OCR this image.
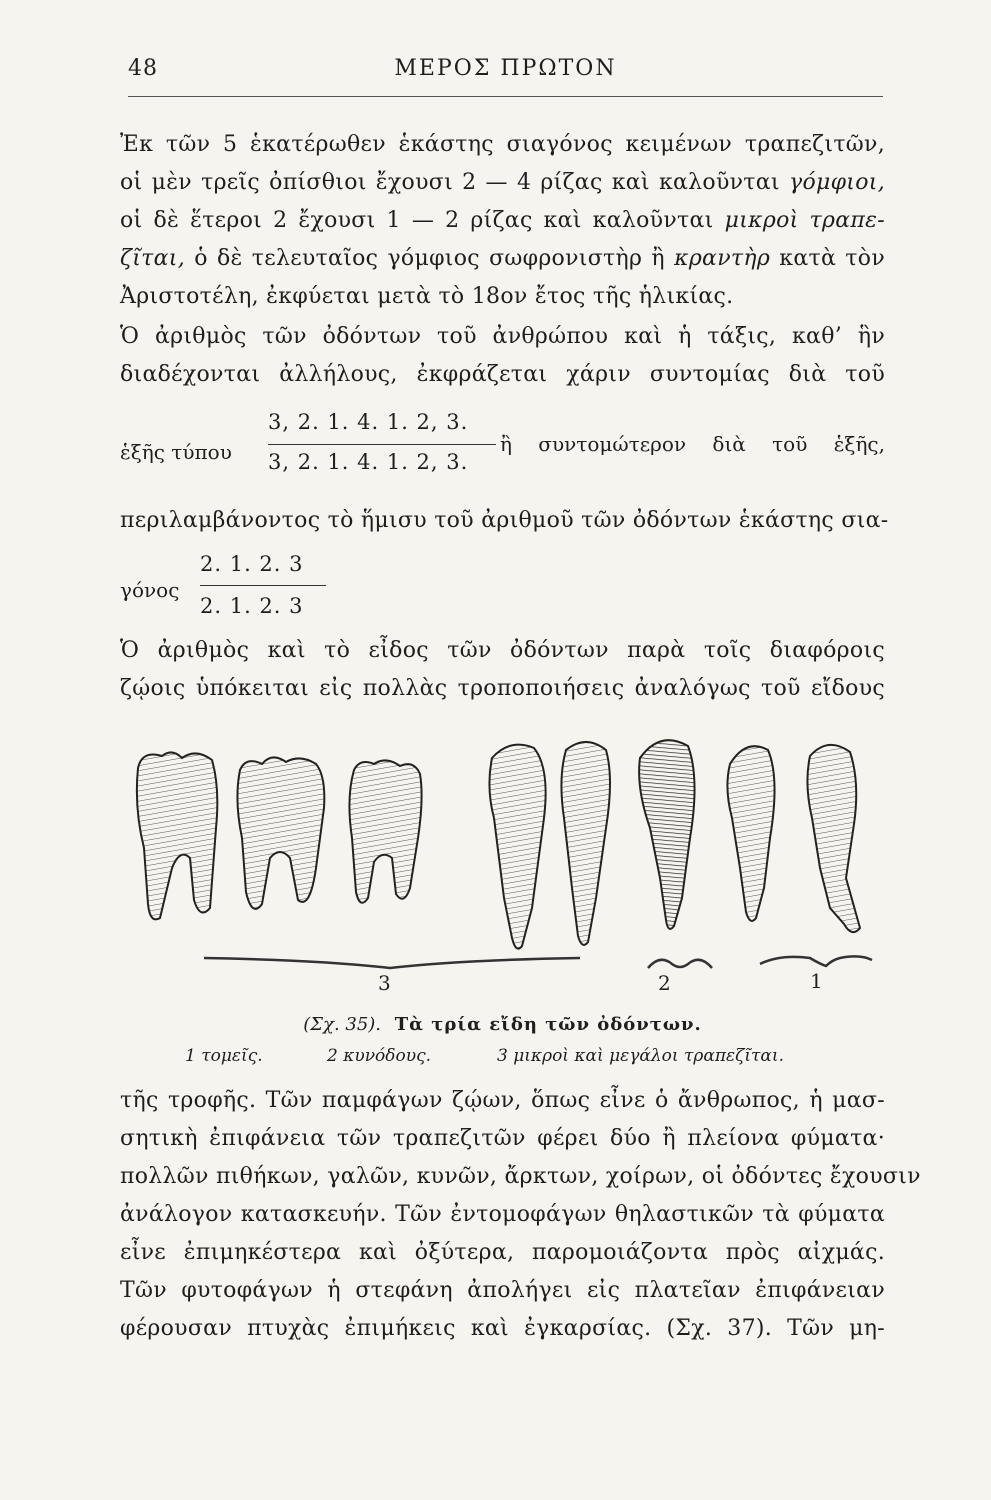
48	ΜΕΡΟΣ ΠΡΩΤΟΝ
Ἐκ τῶν 5 ἑκατέρωθεν ἑκάστης σιαγόνος κειμένων τραπεζιτῶν,
οἱ μὲν τρεῖς ὀπίσθιοι ἔχουσι 2 — 4 ρίζας καὶ καλοῦνται γόμφιοι,
οἱ δὲ ἕτεροι 2 ἔχουσι 1 — 2 ρίζας καὶ καλοῦνται μικροὶ τραπε-
ζῖται, ὁ δὲ τελευταῖος γόμφιος σωφρονιστὴρ ἢ κραντὴρ κατὰ τὸν
Ἀριστοτέλη, ἐκφύεται μετὰ τὸ 18ον ἔτος τῆς ἡλικίας.
Ὁ ἀριθμὸς τῶν ὀδόντων τοῦ ἀνθρώπου καὶ ἡ τάξις, καθ’ ἣν
διαδέχονται ἀλλήλους, ἐκφράζεται χάριν συντομίας διὰ τοῦ
ἑξῆς τύπου
3, 2. 1. 4. 1. 2, 3.
3, 2. 1. 4. 1. 2, 3.
ἢ συντομώτερον διὰ τοῦ ἑξῆς,
περιλαμβάνοντος τὸ ἥμισυ τοῦ ἀριθμοῦ τῶν ὀδόντων ἑκάστης σια-
γόνος
2. 1. 2. 3
2. 1. 2. 3
Ὁ ἀριθμὸς καὶ τὸ εἶδος τῶν ὀδόντων παρὰ τοῖς διαφόροις
ζῴοις ὑπόκειται εἰς πολλὰς τροποποιήσεις ἀναλόγως τοῦ εἴδους
3	2	1
(Σχ. 35). Τὰ τρία εἴδη τῶν ὀδόντων.
1 τομεῖς.	2 κυνόδους.	3 μικροὶ καὶ μεγάλοι τραπεζῖται.
τῆς τροφῆς. Τῶν παμφάγων ζῴων, ὅπως εἶνε ὁ ἄνθρωπος, ἡ μασ-
σητικὴ ἐπιφάνεια τῶν τραπεζιτῶν φέρει δύο ἢ πλείονα φύματα·
πολλῶν πιθήκων, γαλῶν, κυνῶν, ἄρκτων, χοίρων, οἱ ὀδόντες ἔχουσιν
ἀνάλογον κατασκευήν. Τῶν ἐντομοφάγων θηλαστικῶν τὰ φύματα
εἶνε ἐπιμηκέστερα καὶ ὀξύτερα, παρομοιάζοντα πρὸς αἰχμάς.
Τῶν φυτοφάγων ἡ στεφάνη ἀπολήγει εἰς πλατεῖαν ἐπιφάνειαν
φέρουσαν πτυχὰς ἐπιμήκεις καὶ ἐγκαρσίας. (Σχ. 37). Τῶν μη-
